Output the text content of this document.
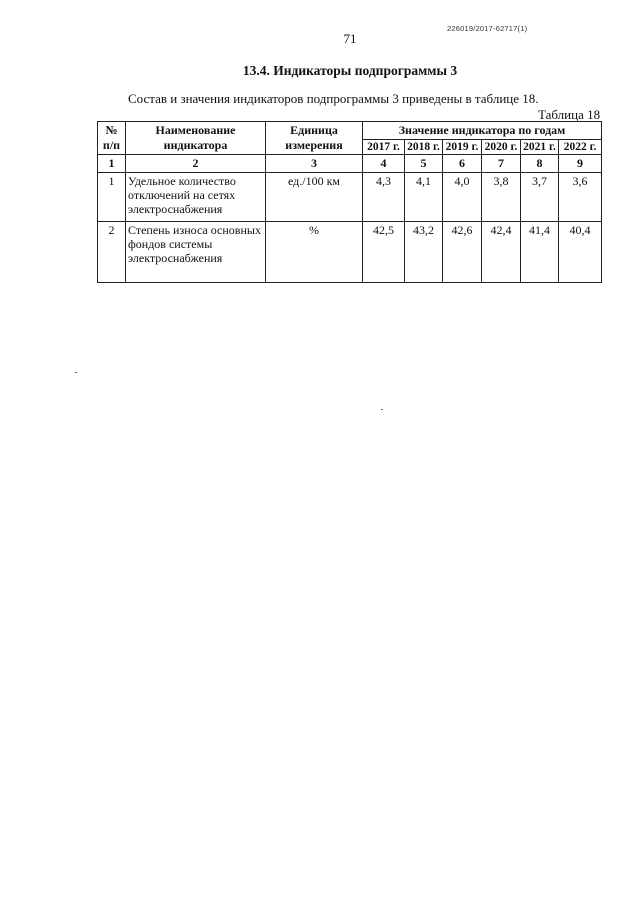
226019/2017-62717(1)
71
13.4. Индикаторы подпрограммы 3
Состав и значения индикаторов подпрограммы 3 приведены в таблице 18.
Таблица 18
№ п/п	Наименование индикатора	Единица измерения	Значение индикатора по годам					
			2017 г.	2018 г.	2019 г.	2020 г.	2021 г.	2022 г.
1	2	3	4	5	6	7	8	9
1	Удельное количество отключений на сетях электроснабжения	ед./100 км	4,3	4,1	4,0	3,8	3,7	3,6
2	Степень износа основных фондов системы электроснабжения	%	42,5	43,2	42,6	42,4	41,4	40,4
